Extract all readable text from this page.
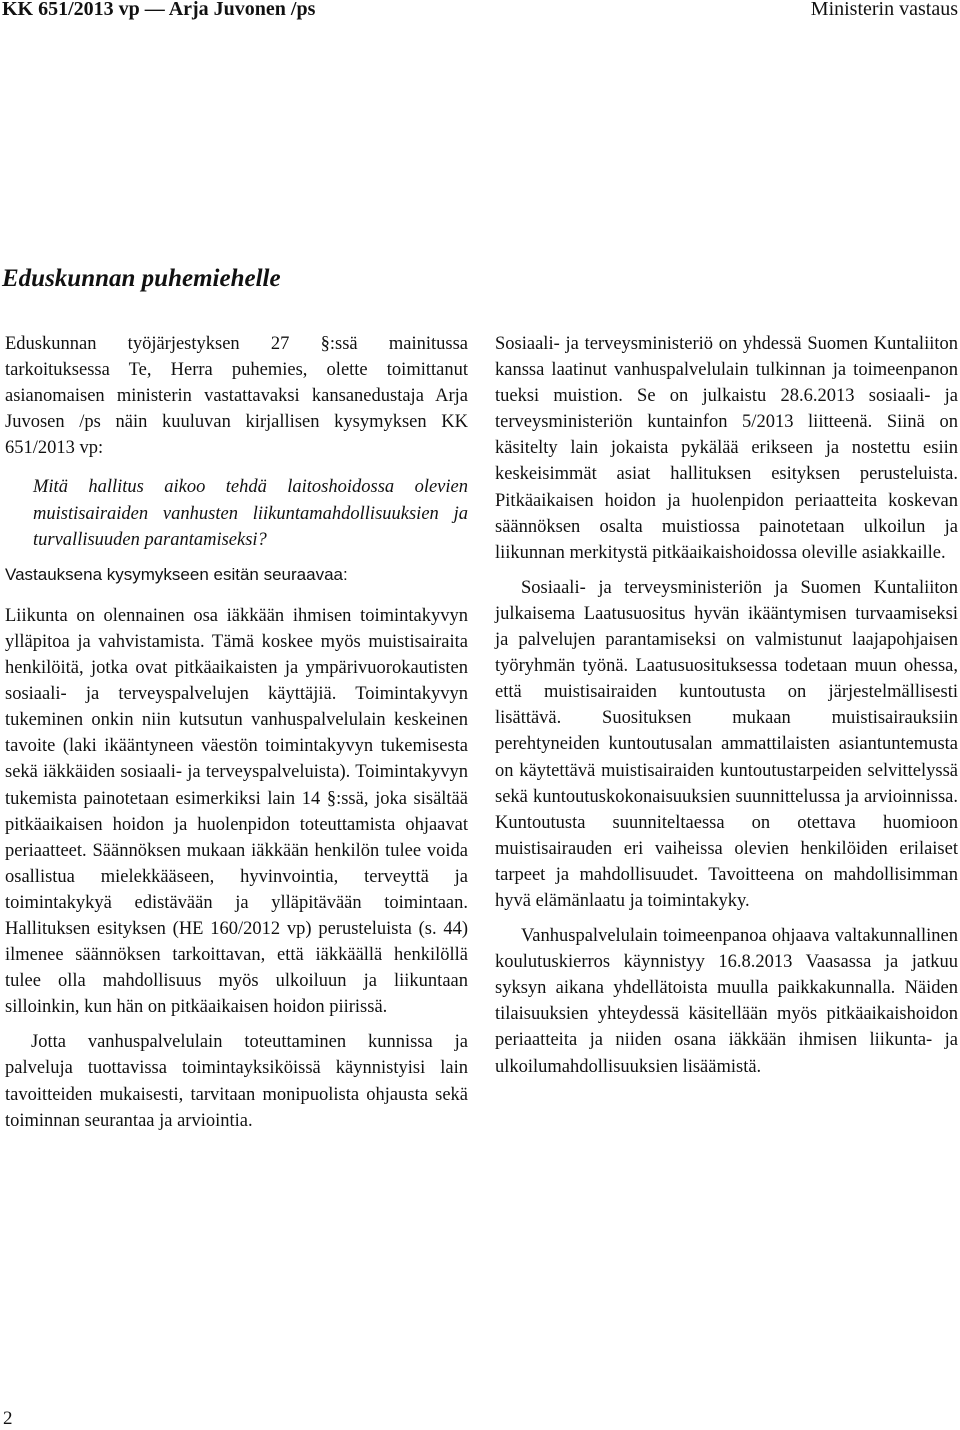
KK 651/2013 vp — Arja Juvonen /ps	Ministerin vastaus
Eduskunnan puhemiehelle

Eduskunnan työjärjestyksen 27 §:ssä mainitussa tarkoituksessa Te, Herra puhemies, olette toimittanut asianomaisen ministerin vastattavaksi kansanedustaja Arja Juvosen /ps näin kuuluvan kirjallisen kysymyksen KK 651/2013 vp:

Mitä hallitus aikoo tehdä laitoshoidossa olevien muistisairaiden vanhusten liikuntamahdollisuuksien ja turvallisuuden parantamiseksi?

Vastauksena kysymykseen esitän seuraavaa:

Liikunta on olennainen osa iäkkään ihmisen toimintakyvyn ylläpitoa ja vahvistamista. Tämä koskee myös muistisairaita henkilöitä, jotka ovat pitkäaikaisten ja ympärivuorokautisten sosiaali- ja terveyspalvelujen käyttäjiä. Toimintakyvyn tukeminen onkin niin kutsutun vanhuspalvelulain keskeinen tavoite (laki ikääntyneen väestön toimintakyvyn tukemisesta sekä iäkkäiden sosiaali- ja terveyspalveluista). Toimintakyvyn tukemista painotetaan esimerkiksi lain 14 §:ssä, joka sisältää pitkäaikaisen hoidon ja huolenpidon toteuttamista ohjaavat periaatteet. Säännöksen mukaan iäkkään henkilön tulee voida osallistua mielekkääseen, hyvinvointia, terveyttä ja toimintakykyä edistävään ja ylläpitävään toimintaan. Hallituksen esityksen (HE 160/2012 vp) perusteluista (s. 44) ilmenee säännöksen tarkoittavan, että iäkkäällä henkilöllä tulee olla mahdollisuus myös ulkoiluun ja liikuntaan silloinkin, kun hän on pitkäaikaisen hoidon piirissä.

Jotta vanhuspalvelulain toteuttaminen kunnissa ja palveluja tuottavissa toimintayksiköissä käynnistyisi lain tavoitteiden mukaisesti, tarvitaan monipuolista ohjausta sekä toiminnan seurantaa ja arviointia.

Sosiaali- ja terveysministeriö on yhdessä Suomen Kuntaliiton kanssa laatinut vanhuspalvelulain tulkinnan ja toimeenpanon tueksi muistion. Se on julkaistu 28.6.2013 sosiaali- ja terveysministeriön kuntainfon 5/2013 liitteenä. Siinä on käsitelty lain jokaista pykälää erikseen ja nostettu esiin keskeisimmät asiat hallituksen esityksen perusteluista. Pitkäaikaisen hoidon ja huolenpidon periaatteita koskevan säännöksen osalta muistiossa painotetaan ulkoilun ja liikunnan merkitystä pitkäaikaishoidossa oleville asiakkaille.

Sosiaali- ja terveysministeriön ja Suomen Kuntaliiton julkaisema Laatusuositus hyvän ikääntymisen turvaamiseksi ja palvelujen parantamiseksi on valmistunut laajapohjaisen työryhmän työnä. Laatusuosituksessa todetaan muun ohessa, että muistisairaiden kuntoutusta on järjestelmällisesti lisättävä. Suosituksen mukaan muistisairauksiin perehtyneiden kuntoutusalan ammattilaisten asiantuntemusta on käytettävä muistisairaiden kuntoutustarpeiden selvittelyssä sekä kuntoutuskokonaisuuksien suunnittelussa ja arvioinnissa. Kuntoutusta suunniteltaessa on otettava huomioon muistisairauden eri vaiheissa olevien henkilöiden erilaiset tarpeet ja mahdollisuudet. Tavoitteena on mahdollisimman hyvä elämänlaatu ja toimintakyky.

Vanhuspalvelulain toimeenpanoa ohjaava valtakunnallinen koulutuskierros käynnistyy 16.8.2013 Vaasassa ja jatkuu syksyn aikana yhdellätoista muulla paikkakunnalla. Näiden tilaisuuksien yhteydessä käsitellään myös pitkäaikaishoidon periaatteita ja niiden osana iäkkään ihmisen liikunta- ja ulkoilumahdollisuuksien lisäämistä.

2
